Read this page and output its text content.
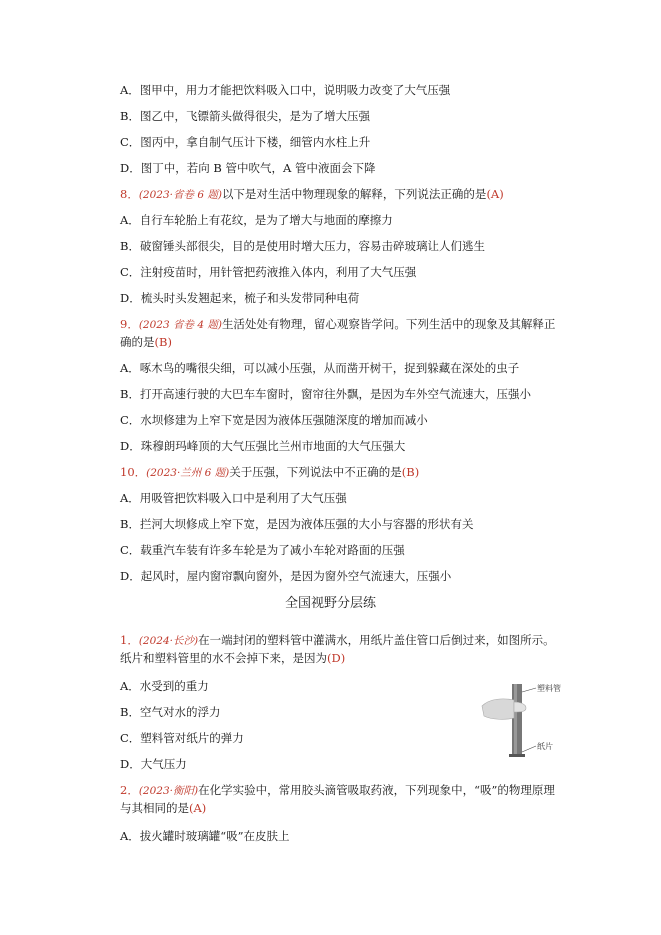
A．图甲中，用力才能把饮料吸入口中，说明吸力改变了大气压强
B．图乙中，飞镖箭头做得很尖，是为了增大压强
C．图丙中，拿自制气压计下楼，细管内水柱上升
D．图丁中，若向 B 管中吹气，A 管中液面会下降
8．(2023·省卷 6 题)以下是对生活中物理现象的解释，下列说法正确的是(A)
A．自行车轮胎上有花纹，是为了增大与地面的摩擦力
B．破窗锤头部很尖，目的是使用时增大压力，容易击碎玻璃让人们逃生
C．注射疫苗时，用针管把药液推入体内，利用了大气压强
D．梳头时头发翘起来，梳子和头发带同种电荷
9．(2023 省卷 4 题)生活处处有物理，留心观察皆学问。下列生活中的现象及其解释正
确的是(B)
A．啄木鸟的嘴很尖细，可以减小压强，从而凿开树干，捉到躲藏在深处的虫子
B．打开高速行驶的大巴车车窗时，窗帘往外飘，是因为车外空气流速大，压强小
C．水坝修建为上窄下宽是因为液体压强随深度的增加而减小
D．珠穆朗玛峰顶的大气压强比兰州市地面的大气压强大
10．(2023·兰州 6 题)关于压强，下列说法中不正确的是(B)
A．用吸管把饮料吸入口中是利用了大气压强
B．拦河大坝修成上窄下宽，是因为液体压强的大小与容器的形状有关
C．载重汽车装有许多车轮是为了减小车轮对路面的压强
D．起风时，屋内窗帘飘向窗外，是因为窗外空气流速大，压强小
全国视野分层练
1．(2024·长沙)在一端封闭的塑料管中灌满水，用纸片盖住管口后倒过来，如图所示。
纸片和塑料管里的水不会掉下来，是因为(D)
A．水受到的重力
B．空气对水的浮力
C．塑料管对纸片的弹力
D．大气压力
塑料管
纸片
2．(2023·衡阳)在化学实验中，常用胶头滴管吸取药液，下列现象中，“吸”的物理原理
与其相同的是(A)
A．拔火罐时玻璃罐“吸”在皮肤上
